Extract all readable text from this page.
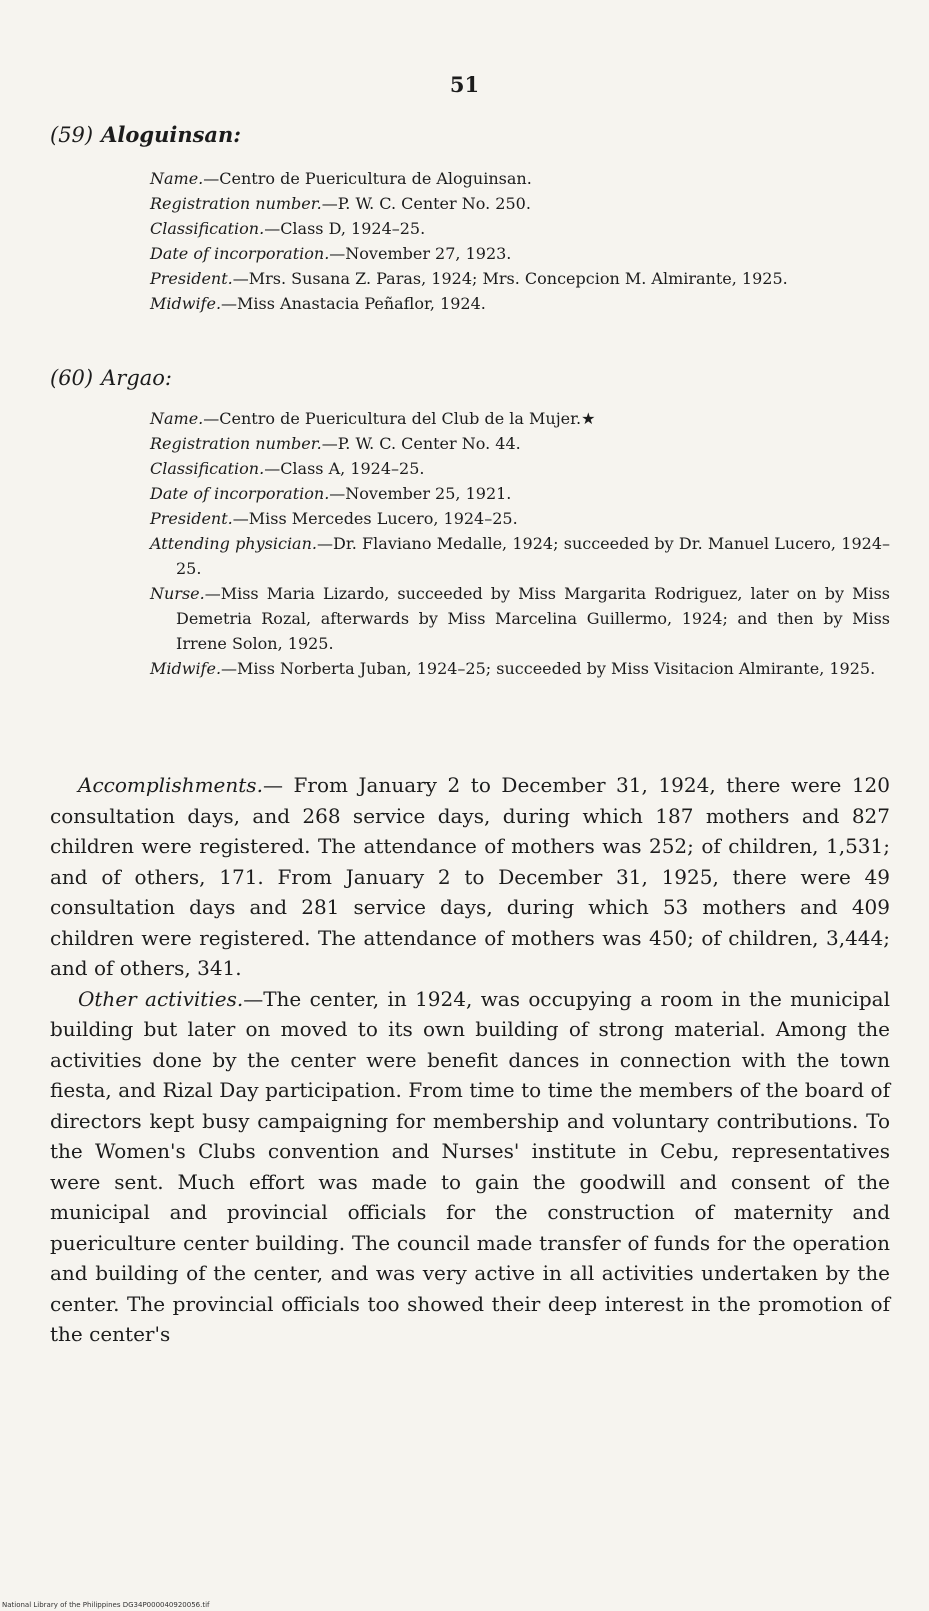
51
(59) Aloguinsan:
Name.—Centro de Puericultura de Aloguinsan.
Registration number.—P. W. C. Center No. 250.
Classification.—Class D, 1924–25.
Date of incorporation.—November 27, 1923.
President.—Mrs. Susana Z. Paras, 1924; Mrs. Concepcion M. Almirante, 1925.
Midwife.—Miss Anastacia Peñaflor, 1924.
(60) Argao:
Name.—Centro de Puericultura del Club de la Mujer.★
Registration number.—P. W. C. Center No. 44.
Classification.—Class A, 1924–25.
Date of incorporation.—November 25, 1921.
President.—Miss Mercedes Lucero, 1924–25.
Attending physician.—Dr. Flaviano Medalle, 1924; succeeded by Dr. Manuel Lucero, 1924–25.
Nurse.—Miss Maria Lizardo, succeeded by Miss Margarita Rodriguez, later on by Miss Demetria Rozal, afterwards by Miss Marcelina Guillermo, 1924; and then by Miss Irrene Solon, 1925.
Midwife.—Miss Norberta Juban, 1924–25; succeeded by Miss Visitacion Almirante, 1925.

Accomplishments.— From January 2 to December 31, 1924, there were 120 consultation days, and 268 service days, during which 187 mothers and 827 children were registered. The attendance of mothers was 252; of children, 1,531; and of others, 171. From January 2 to December 31, 1925, there were 49 consultation days and 281 service days, during which 53 mothers and 409 children were registered. The attendance of mothers was 450; of children, 3,444; and of others, 341.

Other activities.—The center, in 1924, was occupying a room in the municipal building but later on moved to its own building of strong material. Among the activities done by the center were benefit dances in connection with the town fiesta, and Rizal Day participation. From time to time the members of the board of directors kept busy campaigning for membership and voluntary contributions. To the Women's Clubs convention and Nurses' institute in Cebu, representatives were sent. Much effort was made to gain the goodwill and consent of the municipal and provincial officials for the construction of maternity and puericulture center building. The council made transfer of funds for the operation and building of the center, and was very active in all activities undertaken by the center. The provincial officials too showed their deep interest in the promotion of the center's

National Library of the Philippines DG34P000040920056.tif
